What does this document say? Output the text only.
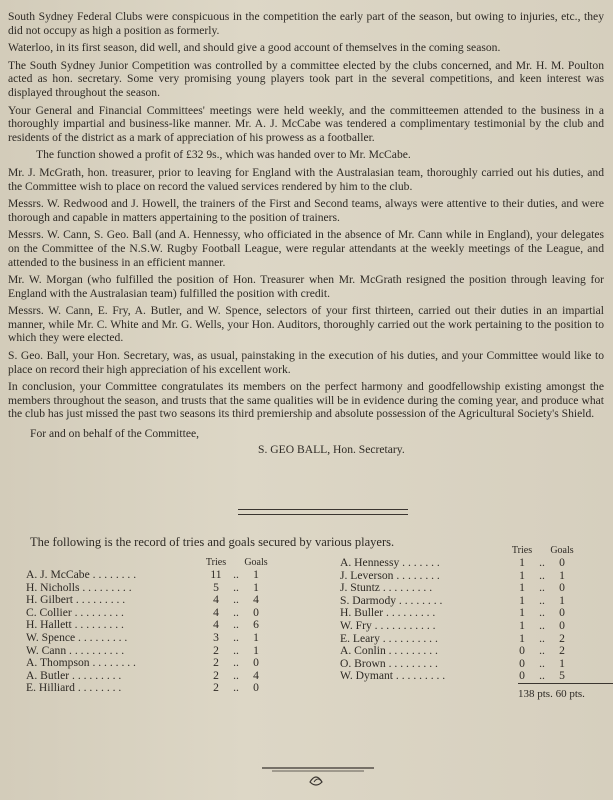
South Sydney Federal Clubs were conspicuous in the competition the early part of the season, but owing to injuries, etc., they did not occupy as high a position as formerly.

Waterloo, in its first season, did well, and should give a good account of themselves in the coming season.

The South Sydney Junior Competition was controlled by a committee elected by the clubs concerned, and Mr. H. M. Poulton acted as hon. secretary. Some very promising young players took part in the several competitions, and keen interest was displayed throughout the season.

Your General and Financial Committees' meetings were held weekly, and the committeemen attended to the business in a thoroughly impartial and business-like manner. Mr. A. J. McCabe was tendered a complimentary testimonial by the club and residents of the district as a mark of appreciation of his prowess as a footballer.

The function showed a profit of £32 9s., which was handed over to Mr. McCabe.

Mr. J. McGrath, hon. treasurer, prior to leaving for England with the Australasian team, thoroughly carried out his duties, and the Committee wish to place on record the valued services rendered by him to the club.

Messrs. W. Redwood and J. Howell, the trainers of the First and Second teams, always were attentive to their duties, and were thorough and capable in matters appertaining to the position of trainers.

Messrs. W. Cann, S. Geo. Ball (and A. Hennessy, who officiated in the absence of Mr. Cann while in England), your delegates on the Committee of the N.S.W. Rugby Football League, were regular attendants at the weekly meetings of the League, and attended to the business in an efficient manner.

Mr. W. Morgan (who fulfilled the position of Hon. Treasurer when Mr. McGrath resigned the position through leaving for England with the Australasian team) fulfilled the position with credit.

Messrs. W. Cann, E. Fry, A. Butler, and W. Spence, selectors of your first thirteen, carried out their duties in an impartial manner, while Mr. C. White and Mr. G. Wells, your Hon. Auditors, thoroughly carried out the work pertaining to the position to which they were elected.

S. Geo. Ball, your Hon. Secretary, was, as usual, painstaking in the execution of his duties, and your Committee would like to place on record their high appreciation of his excellent work.

In conclusion, your Committee congratulates its members on the perfect harmony and goodfellowship existing amongst the members throughout the season, and trusts that the same qualities will be in evidence during the coming year, and produce what the club has just missed the past two seasons its third premiership and absolute possession of the Agricultural Society's Shield.

For and on behalf of the Committee,
S. GEO BALL, Hon. Secretary.
The following is the record of tries and goals secured by various players.
Tries Goals
A. J. McCabe . . . . . . . .	11 ..	1
H. Nicholls . . . . . . . . .	5	..	1
H. Gilbert . . . . . . . . .	4	..	4
C. Collier . . . . . . . . .	4	..	0
H. Hallett . . . . . . . . .	4	..	6
W. Spence . . . . . . . . .	3	..	1
W. Cann . . . . . . . . . .	2	..	1
A. Thompson . . . . . . . .	2	..	0
A. Butler . . . . . . . . .	2	..	4
E. Hilliard . . . . . . . .	2	..	0
Tries Goals
A. Hennessy . . . . . . .	1	..	0
J. Leverson . . . . . . . .	1	..	1
J. Stuntz . . . . . . . . .	1	..	0
S. Darmody . . . . . . . .	1	..	1
H. Buller . . . . . . . . .	1	..	0
W. Fry . . . . . . . . . . .	1	..	0
E. Leary . . . . . . . . . .	1	..	2
A. Conlin . . . . . . . . .	0	..	2
O. Brown . . . . . . . . .	0	..	1
W. Dymant . . . . . . . . .	0	..	5
138 pts. 60 pts.
